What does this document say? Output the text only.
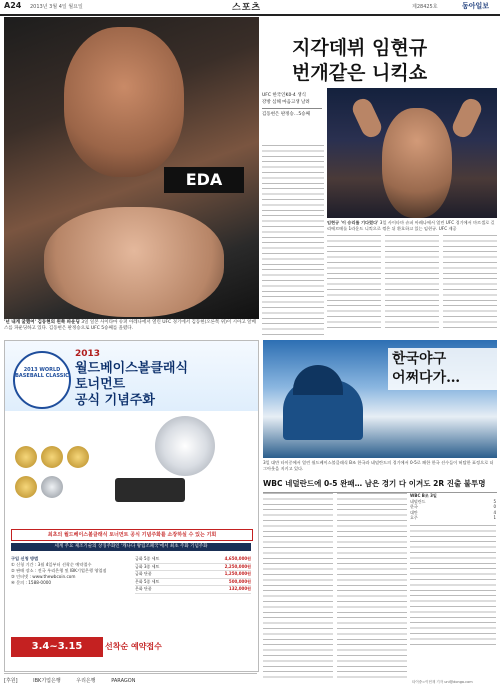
A24 2013년 3월 4일 월요일	스포츠	제28425호	동아일보
EDA
'넌 내게 굴했어' 김동현의 왼쪽 파운딩 3일 일본 사이타마 슈퍼 아레나에서 열린 UFC 경기에서 김동현(오른쪽 위)이 시아고 알베스를 파운딩하고 있다. 김동현은 판정승으로 UFC 5승째를 올렸다.
지각데뷔 임현규
번개같은 니킥쇼
UFC 한국인K0-4 생식
강방 심해 마음고생 날려
김동현은 판정승…5승째
임현규 '이 승리를 기다렸다' 3일 사이타마 슈퍼 아레나에서 열린 UFC 경기에서 마르셀로 길리에르메를 1라운드 니킥으로 꺾은 뒤 환호하고 있는 임현규. UFC 제공
2013 WORLD BASEBALL CLASSIC
2013
월드베이스볼클래식
토너먼트
공식 기념주화
최초의 월드베이스볼클래식 토너먼트 공식 기념주화를 소장하실 수 있는 기회
세계 주요 제조기술의 상징주화인 '캐나다 왕립조폐국'에서 최초 주화 기념주화
구입 신청 방법
① 신청 기간 : 3월 4일부터 선착순 예약접수
② 판매 장소 : 전국 우리은행 및 IBK기업은행 영업점
③ 인터넷 : www.thewbcoin.com
④ 문의 : 1588-0000
금화 5종 세트	4,650,000원
금화 3종 세트	2,250,000원
금화 단품	1,250,000원
은화 5종 세트	500,000원
은화 단품	132,000원
3.4~3.15	선착순 예약접수
[후원]	IBK기업은행	우리은행	PARAGON
한국야구
어쩌다가…
3일 대만 타이중에서 열린 월드베이스볼클래식 B조 한국과 네덜란드의 경기에서 0-5로 패한 한국 선수들이 허탈한 표정으로 더그아웃을 지키고 있다.
WBC 네덜란드에 0-5 완패… 남은 경기 다 이겨도 2R 진출 불투명
WBC B조 3일
네덜란드	5
한국	0
대만	4
호주	1
타이중=이헌재 기자 uni@donga.com
